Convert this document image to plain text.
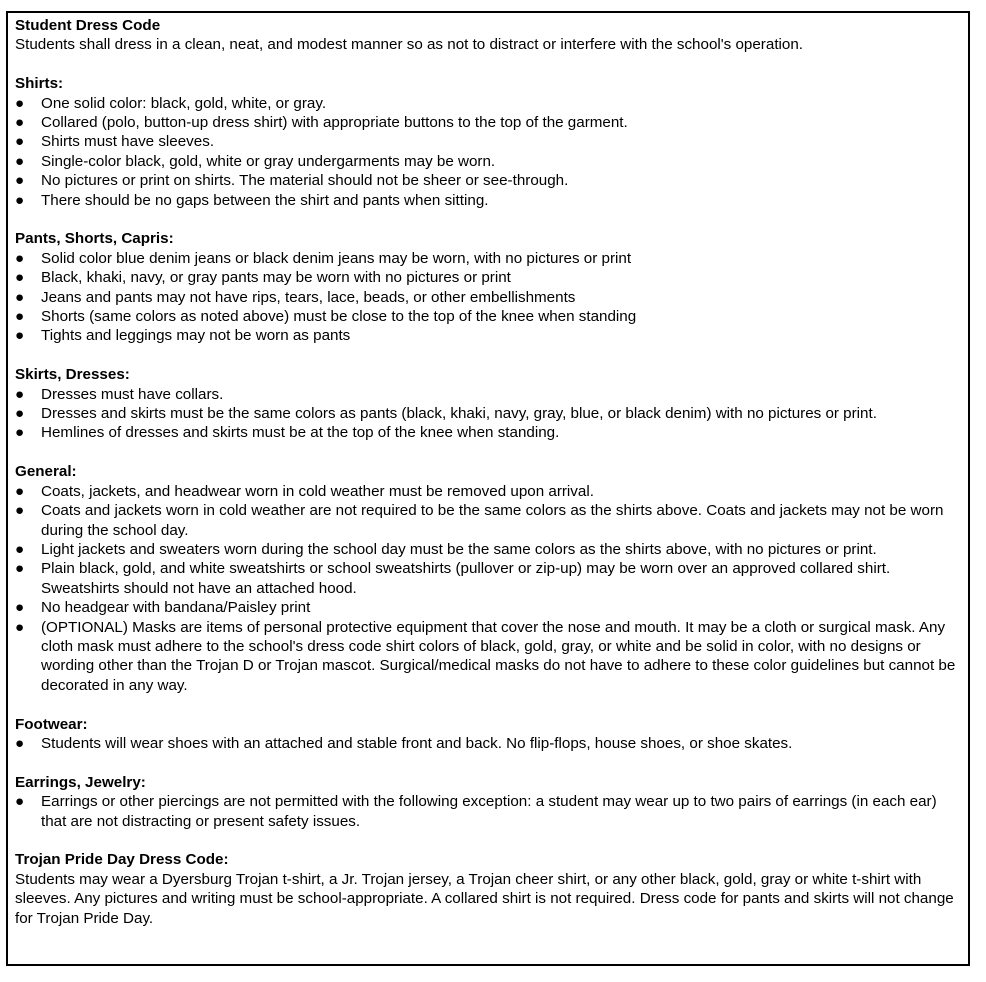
Student Dress Code
Students shall dress in a clean, neat, and modest manner so as not to distract or interfere with the school's operation.
Shirts:
●	One solid color: black, gold, white, or gray.
●	Collared (polo, button-up dress shirt) with appropriate buttons to the top of the garment.
●	Shirts must have sleeves.
●	Single-color black, gold, white or gray undergarments may be worn.
●	No pictures or print on shirts. The material should not be sheer or see-through.
●	There should be no gaps between the shirt and pants when sitting.
Pants, Shorts, Capris:
●	Solid color blue denim jeans or black denim jeans may be worn, with no pictures or print
●	Black, khaki, navy, or gray pants may be worn with no pictures or print
●	Jeans and pants may not have rips, tears, lace, beads, or other embellishments
●	Shorts (same colors as noted above) must be close to the top of the knee when standing
●	Tights and leggings may not be worn as pants
Skirts, Dresses:
●	Dresses must have collars.
●	Dresses and skirts must be the same colors as pants (black, khaki, navy, gray, blue, or black denim) with no pictures or print.
●	Hemlines of dresses and skirts must be at the top of the knee when standing.
General:
●	Coats, jackets, and headwear worn in cold weather must be removed upon arrival.
●	Coats and jackets worn in cold weather are not required to be the same colors as the shirts above. Coats and jackets may not be worn during the school day.
●	Light jackets and sweaters worn during the school day must be the same colors as the shirts above, with no pictures or print.
●	Plain black, gold, and white sweatshirts or school sweatshirts (pullover or zip-up) may be worn over an approved collared shirt. Sweatshirts should not have an attached hood.
●	No headgear with bandana/Paisley print
●	(OPTIONAL) Masks are items of personal protective equipment that cover the nose and mouth. It may be a cloth or surgical mask. Any cloth mask must adhere to the school's dress code shirt colors of black, gold, gray, or white and be solid in color, with no designs or wording other than the Trojan D or Trojan mascot. Surgical/medical masks do not have to adhere to these color guidelines but cannot be decorated in any way.
Footwear:
●	Students will wear shoes with an attached and stable front and back. No flip-flops, house shoes, or shoe skates.
Earrings, Jewelry:
●	Earrings or other piercings are not permitted with the following exception: a student may wear up to two pairs of earrings (in each ear) that are not distracting or present safety issues.
Trojan Pride Day Dress Code:
Students may wear a Dyersburg Trojan t-shirt, a Jr. Trojan jersey, a Trojan cheer shirt, or any other black, gold, gray or white t-shirt with sleeves. Any pictures and writing must be school-appropriate. A collared shirt is not required. Dress code for pants and skirts will not change for Trojan Pride Day.
